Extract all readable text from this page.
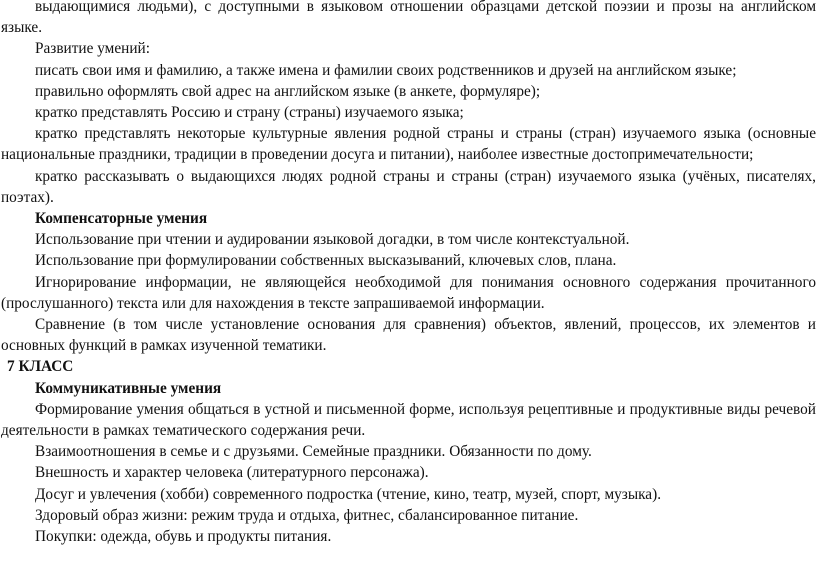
выдающимися людьми), с доступными в языковом отношении образцами детской поэзии и прозы на английском языке.

Развитие умений:

писать свои имя и фамилию, а также имена и фамилии своих родственников и друзей на английском языке;

правильно оформлять свой адрес на английском языке (в анкете, формуляре);

кратко представлять Россию и страну (страны) изучаемого языка;

кратко представлять некоторые культурные явления родной страны и страны (стран) изучаемого языка (основные национальные праздники, традиции в проведении досуга и питании), наиболее известные достопримечательности;

кратко рассказывать о выдающихся людях родной страны и страны (стран) изучаемого языка (учёных, писателях, поэтах).

Компенсаторные умения

Использование при чтении и аудировании языковой догадки, в том числе контекстуальной.

Использование при формулировании собственных высказываний, ключевых слов, плана.

Игнорирование информации, не являющейся необходимой для понимания основного содержания прочитанного (прослушанного) текста или для нахождения в тексте запрашиваемой информации.

Сравнение (в том числе установление основания для сравнения) объектов, явлений, процессов, их элементов и основных функций в рамках изученной тематики.

7 КЛАСС

Коммуникативные умения

Формирование умения общаться в устной и письменной форме, используя рецептивные и продуктивные виды речевой деятельности в рамках тематического содержания речи.

Взаимоотношения в семье и с друзьями. Семейные праздники. Обязанности по дому.

Внешность и характер человека (литературного персонажа).

Досуг и увлечения (хобби) современного подростка (чтение, кино, театр, музей, спорт, музыка).

Здоровый образ жизни: режим труда и отдыха, фитнес, сбалансированное питание.

Покупки: одежда, обувь и продукты питания.
